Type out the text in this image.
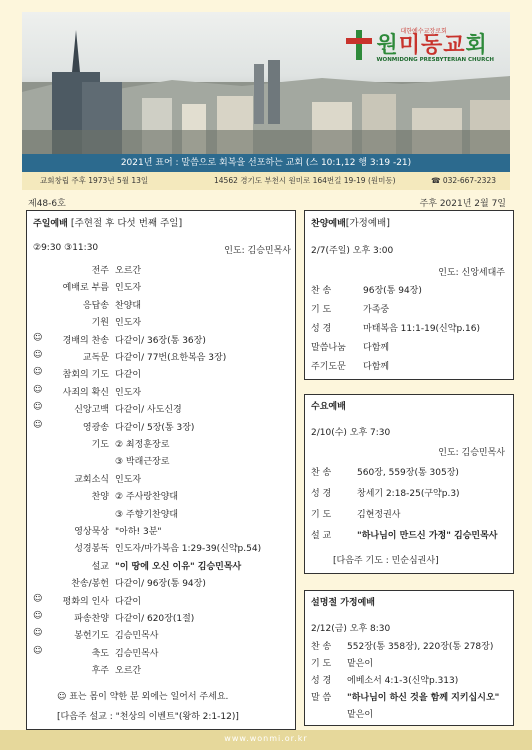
대한예수교장로회
원미동교회
WONMIDONG PRESBYTERIAN CHURCH
2021년 표어 : 말씀으로 회복을 선포하는 교회 (스 10:1,12 행 3:19 -21)
교회창립 주후 1973년 5월 13일	14562 경기도 부천시 원미로 164번길 19-19 (원미동)	☎ 032-667-2323
제48-6호	주후 2021년 2월 7일
주일예배 [주현절 후 다섯 번째 주일]
②9:30 ③11:30	인도: 김승민목사
전주 오르간
예배로 부름 인도자
응답송 찬양대
기원 인도자
☺ 경배의 찬송 다같이/ 36장(통 36장)
☺	교독문 다같이/ 77번(요한복음 3장)
☺ 참회의 기도 다같이
☺ 사죄의 확신 인도자
☺	신앙고백 다같이/ 사도신경
☺	영광송 다같이/ 5장(통 3장)
기도 ② 최정훈장로
③ 박래근장로
교회소식 인도자
찬양 ② 주사랑찬양대
③ 주향기찬양대
영상묵상 "아하! 3분"
성경봉독 인도자/마가복음 1:29-39(신약p.54)
설교 "이 땅에 오신 이유" 김승민목사
찬송/봉헌 다같이/ 96장(통 94장)
☺ 평화의 인사 다같이
☺	파송찬양 다같이/ 620장(1절)
☺	봉헌기도 김승민목사
☺	축도 김승민목사
후주 오르간
☺ 표는 몸이 약한 분 외에는 일어서 주세요.
[다음주 설교 : "천상의 이벤트"(왕하 2:1-12)]
찬양예배[가정예배]
2/7(주일) 오후 3:00
인도: 신앙세대주
찬 송	96장(통 94장)
기 도	가족중
성 경	마태복음 11:1-19(신약p.16)
말씀나눔 다함께
주기도문 다함께
수요예배
2/10(수) 오후 7:30
인도: 김승민목사
찬 송	560장, 559장(통 305장)
성 경	창세기 2:18-25(구약p.3)
기 도	김현정권사
설 교	"하나님이 만드신 가정" 김승민목사
[다음주 기도 : 민순심권사]
설명절 가정예배
2/12(금) 오후 8:30
찬 송 552장(통 358장), 220장(통 278장)
기 도 맡은이
성 경 에베소서 4:1-3(신약p.313)
말 씀 "하나님이 하신 것을 함께 지키십시오"
맡은이
www.wonmi.or.kr
